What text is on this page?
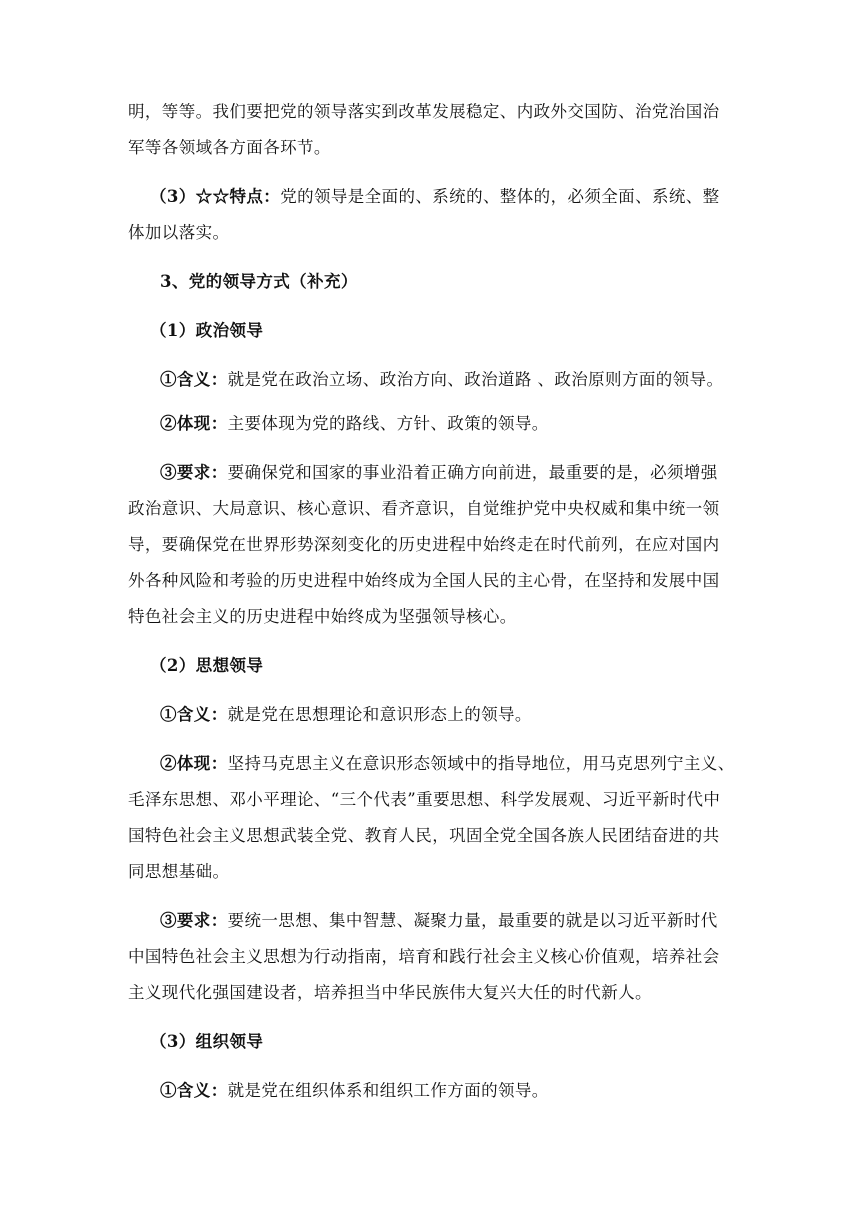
明，等等。我们要把党的领导落实到改革发展稳定、内政外交国防、治党治国治
军等各领域各方面各环节。
（3）☆☆特点：党的领导是全面的、系统的、整体的，必须全面、系统、整
体加以落实。
3、党的领导方式（补充）
（1）政治领导
①含义：就是党在政治立场、政治方向、政治道路 、政治原则方面的领导。
②体现：主要体现为党的路线、方针、政策的领导。
③要求：要确保党和国家的事业沿着正确方向前进，最重要的是，必须增强
政治意识、大局意识、核心意识、看齐意识，自觉维护党中央权威和集中统一领
导，要确保党在世界形势深刻变化的历史进程中始终走在时代前列，在应对国内
外各种风险和考验的历史进程中始终成为全国人民的主心骨，在坚持和发展中国
特色社会主义的历史进程中始终成为坚强领导核心。
（2）思想领导
①含义：就是党在思想理论和意识形态上的领导。
②体现：坚持马克思主义在意识形态领域中的指导地位，用马克思列宁主义、
毛泽东思想、邓小平理论、“三个代表”重要思想、科学发展观、习近平新时代中
国特色社会主义思想武装全党、教育人民，巩固全党全国各族人民团结奋进的共
同思想基础。
③要求：要统一思想、集中智慧、凝聚力量，最重要的就是以习近平新时代
中国特色社会主义思想为行动指南，培育和践行社会主义核心价值观，培养社会
主义现代化强国建设者，培养担当中华民族伟大复兴大任的时代新人。
（3）组织领导
①含义：就是党在组织体系和组织工作方面的领导。
